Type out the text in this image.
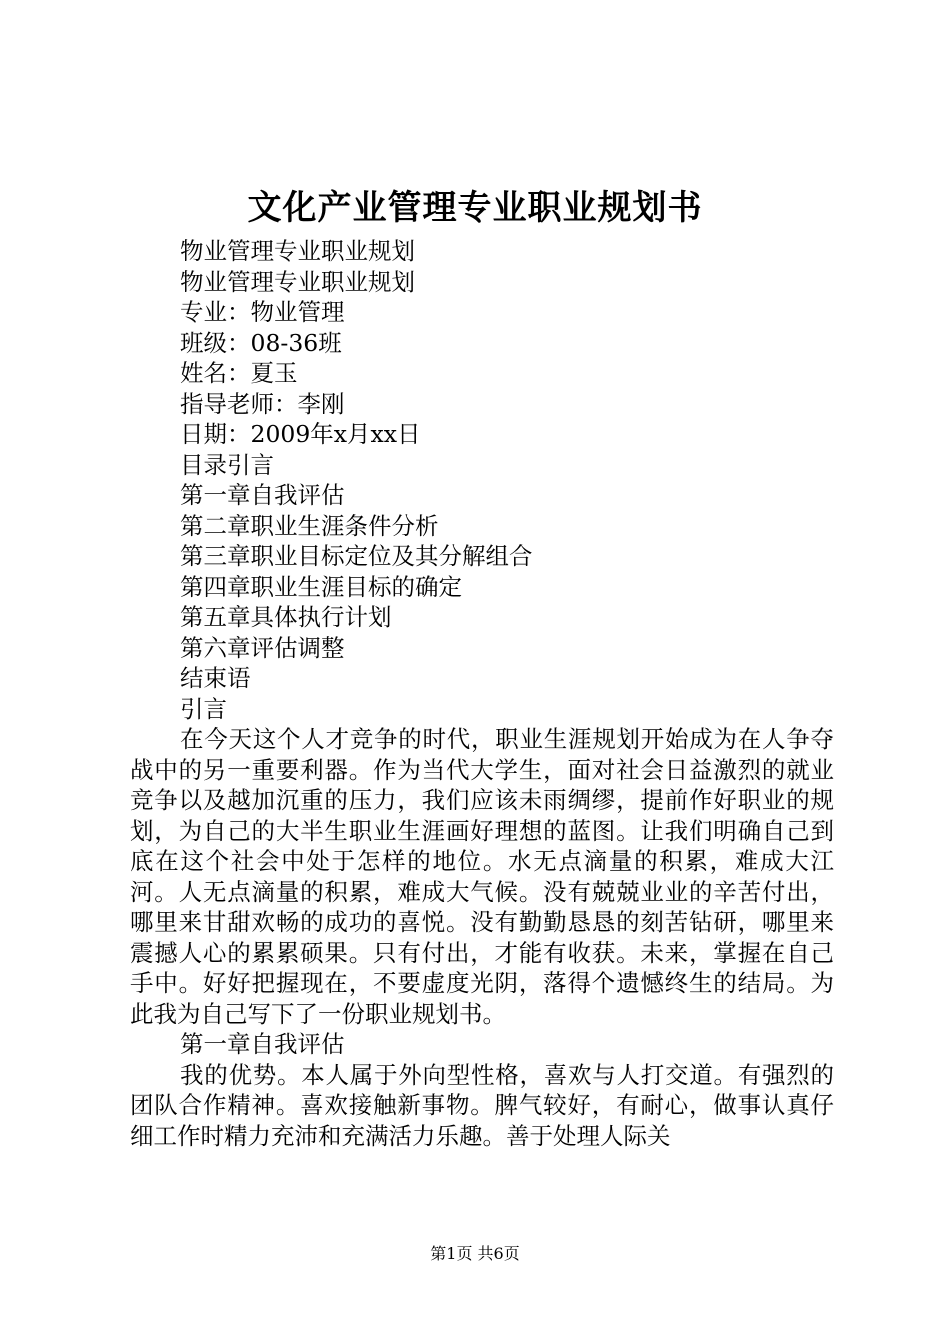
文化产业管理专业职业规划书

物业管理专业职业规划

物业管理专业职业规划

专业：物业管理

班级：08-36班

姓名：夏玉

指导老师：李刚

日期：2009年x月xx日

目录引言

第一章自我评估

第二章职业生涯条件分析

第三章职业目标定位及其分解组合

第四章职业生涯目标的确定

第五章具体执行计划

第六章评估调整

结束语

引言

在今天这个人才竞争的时代，职业生涯规划开始成为在人争夺战中的另一重要利器。作为当代大学生，面对社会日益激烈的就业竞争以及越加沉重的压力，我们应该未雨绸缪，提前作好职业的规划，为自己的大半生职业生涯画好理想的蓝图。让我们明确自己到底在这个社会中处于怎样的地位。水无点滴量的积累，难成大江河。人无点滴量的积累，难成大气候。没有兢兢业业的辛苦付出，哪里来甘甜欢畅的成功的喜悦。没有勤勤恳恳的刻苦钻研，哪里来震撼人心的累累硕果。只有付出，才能有收获。未来，掌握在自己手中。好好把握现在，不要虚度光阴，落得个遗憾终生的结局。为此我为自己写下了一份职业规划书。

第一章自我评估

我的优势。本人属于外向型性格，喜欢与人打交道。有强烈的团队合作精神。喜欢接触新事物。脾气较好，有耐心，做事认真仔细工作时精力充沛和充满活力乐趣。善于处理人际关

第1页 共6页
